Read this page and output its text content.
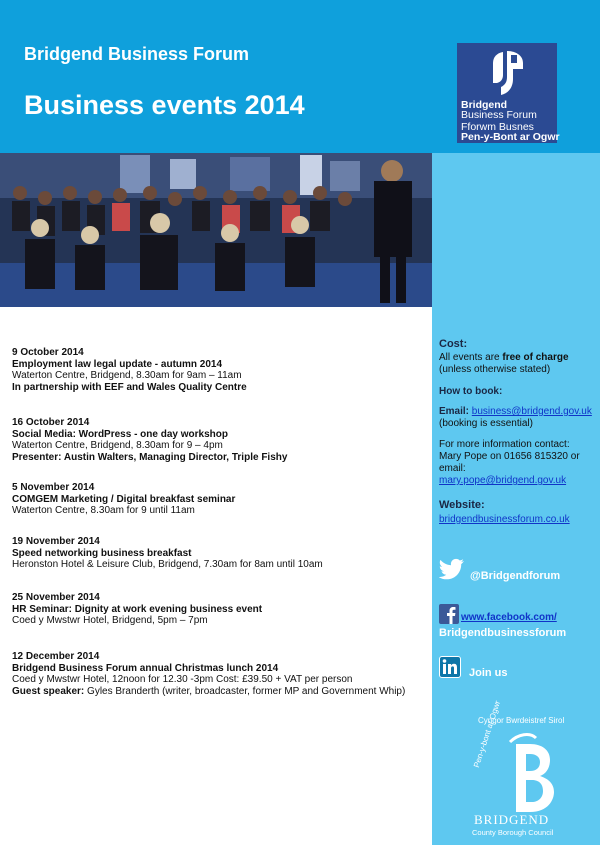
Bridgend Business Forum
Business events 2014	Bridgend
Business Forum
Fforwm Busnes
Pen-y-Bont ar Ogwr
Cost:
All events are free of charge
(unless otherwise stated)
How to book:
Email: business@bridgend.gov.uk
(booking is essential)
For more information contact:
Mary Pope on 01656 815320 or
email:
mary.pope@bridgend.gov.uk
Website:
bridgendbusinessforum.co.uk
@Bridgendforum
www.facebook.com/
Bridgendbusinessforum
Join us
Cyngor Bwrdeistref Sirol
Pen-y-bont ar Ogwr
BRIDGEND
County Borough Council
9 October 2014
Employment law legal update - autumn 2014
Waterton Centre, Bridgend, 8.30am for 9am – 11am
In partnership with EEF and Wales Quality Centre
16 October 2014
Social Media: WordPress - one day workshop
Waterton Centre, Bridgend, 8.30am for 9 – 4pm
Presenter: Austin Walters, Managing Director, Triple Fishy
5 November 2014
COMGEM Marketing / Digital breakfast seminar
Waterton Centre, 8.30am for 9 until 11am
19 November 2014
Speed networking business breakfast
Heronston Hotel & Leisure Club, Bridgend, 7.30am for 8am until 10am
25 November 2014
HR Seminar: Dignity at work evening business event
Coed y Mwstwr Hotel, Bridgend, 5pm – 7pm
12 December 2014
Bridgend Business Forum annual Christmas lunch 2014
Coed y Mwstwr Hotel, 12noon for 12.30 -3pm Cost: £39.50 + VAT per person
Guest speaker: Gyles Branderth (writer, broadcaster, former MP and Government Whip)
